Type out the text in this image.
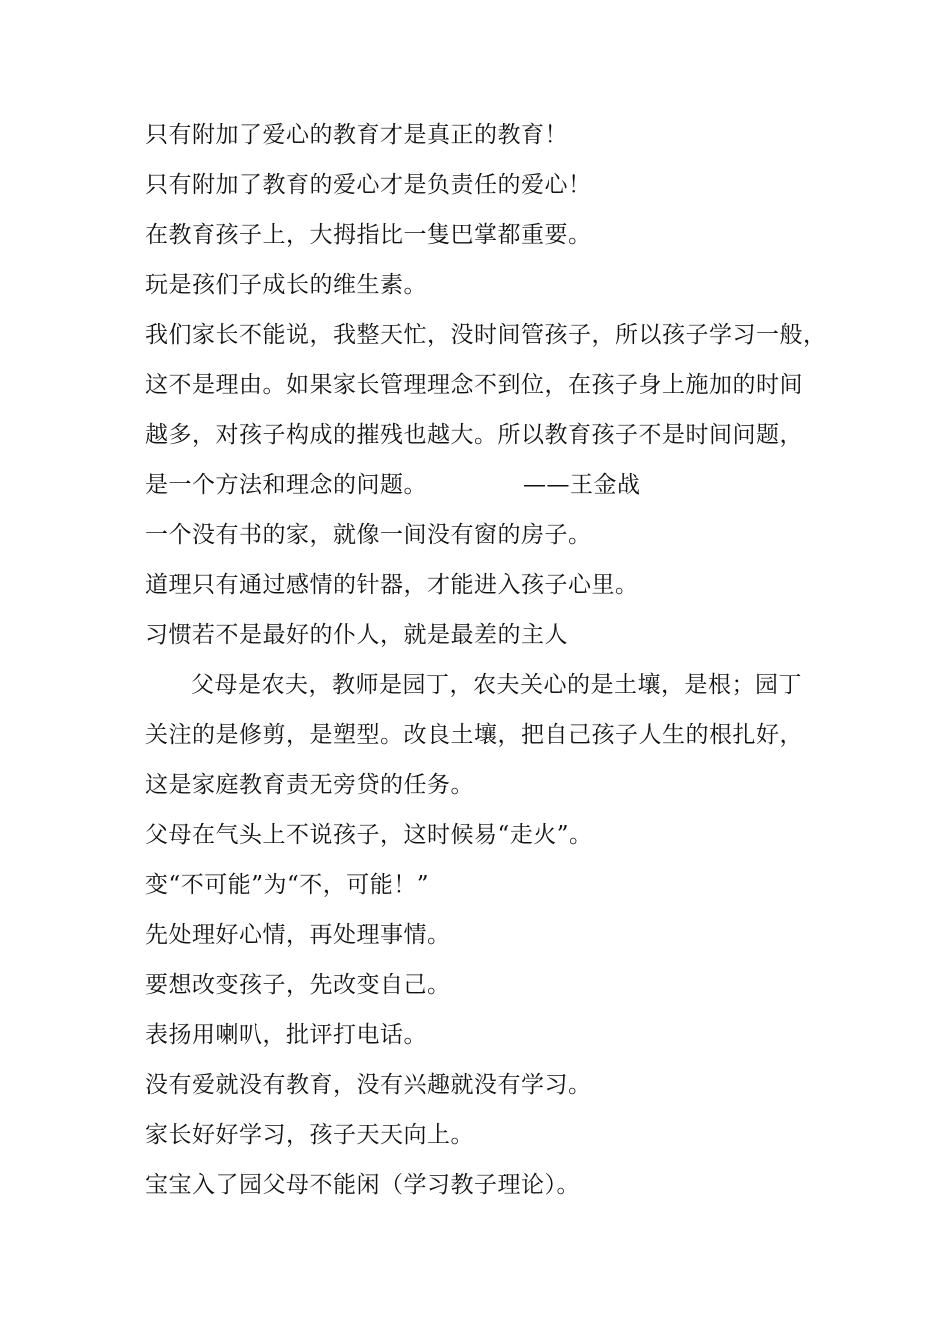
只有附加了爱心的教育才是真正的教育！
只有附加了教育的爱心才是负责任的爱心！
在教育孩子上，大拇指比一隻巴掌都重要。
玩是孩们子成长的维生素。
我们家长不能说，我整天忙，没时间管孩子，所以孩子学习一般，
这不是理由。如果家长管理理念不到位，在孩子身上施加的时间
越多，对孩子构成的摧残也越大。所以教育孩子不是时间问题，
是一个方法和理念的问题。	——王金战
一个没有书的家，就像一间没有窗的房子。
道理只有通过感情的针器，才能进入孩子心里。
习惯若不是最好的仆人，就是最差的主人
父母是农夫，教师是园丁，农夫关心的是土壤，是根；园丁
关注的是修剪，是塑型。改良土壤，把自己孩子人生的根扎好，
这是家庭教育责无旁贷的任务。
父母在气头上不说孩子，这时候易“走火”。
变“不可能”为“不，可能！”
先处理好心情，再处理事情。
要想改变孩子，先改变自己。
表扬用喇叭，批评打电话。
没有爱就没有教育，没有兴趣就没有学习。
家长好好学习，孩子天天向上。
宝宝入了园父母不能闲（学习教子理论）。
